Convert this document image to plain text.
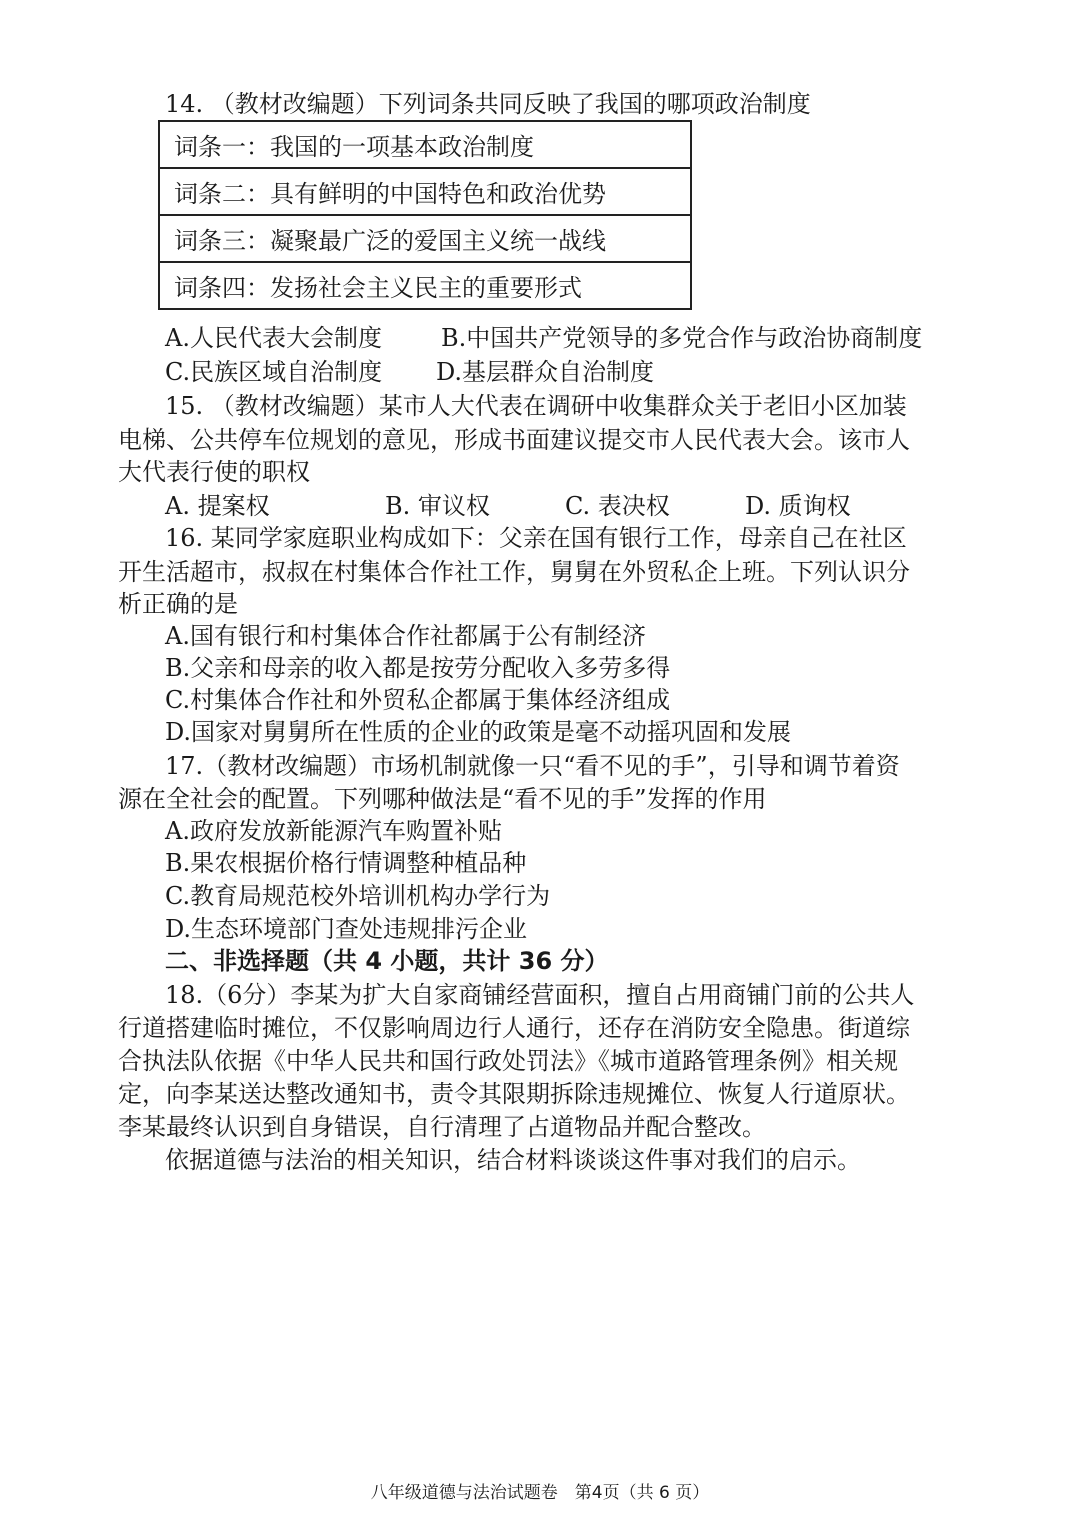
14. （教材改编题）下列词条共同反映了我国的哪项政治制度
词条一：我国的一项基本政治制度
词条二：具有鲜明的中国特色和政治优势
词条三：凝聚最广泛的爱国主义统一战线
词条四：发扬社会主义民主的重要形式
A.人民代表大会制度 B.中国共产党领导的多党合作与政治协商制度
C.民族区域自治制度 D.基层群众自治制度
15. （教材改编题）某市人大代表在调研中收集群众关于老旧小区加装
电梯、公共停车位规划的意见，形成书面建议提交市人民代表大会。该市人
大代表行使的职权
A. 提案权	B. 审议权	C. 表决权	D. 质询权
16. 某同学家庭职业构成如下：父亲在国有银行工作，母亲自己在社区
开生活超市，叔叔在村集体合作社工作，舅舅在外贸私企上班。下列认识分
析正确的是
A.国有银行和村集体合作社都属于公有制经济
B.父亲和母亲的收入都是按劳分配收入多劳多得
C.村集体合作社和外贸私企都属于集体经济组成
D.国家对舅舅所在性质的企业的政策是毫不动摇巩固和发展
17.（教材改编题）市场机制就像一只“看不见的手”，引导和调节着资
源在全社会的配置。下列哪种做法是“看不见的手”发挥的作用
A.政府发放新能源汽车购置补贴
B.果农根据价格行情调整种植品种
C.教育局规范校外培训机构办学行为
D.生态环境部门查处违规排污企业
二、非选择题（共 4 小题，共计 36 分）
18.（6分）李某为扩大自家商铺经营面积，擅自占用商铺门前的公共人
行道搭建临时摊位，不仅影响周边行人通行，还存在消防安全隐患。街道综
合执法队依据《中华人民共和国行政处罚法》《城市道路管理条例》相关规
定，向李某送达整改通知书，责令其限期拆除违规摊位、恢复人行道原状。
李某最终认识到自身错误，自行清理了占道物品并配合整改。
依据道德与法治的相关知识，结合材料谈谈这件事对我们的启示。
八年级道德与法治试题卷　第4页（共 6 页）
